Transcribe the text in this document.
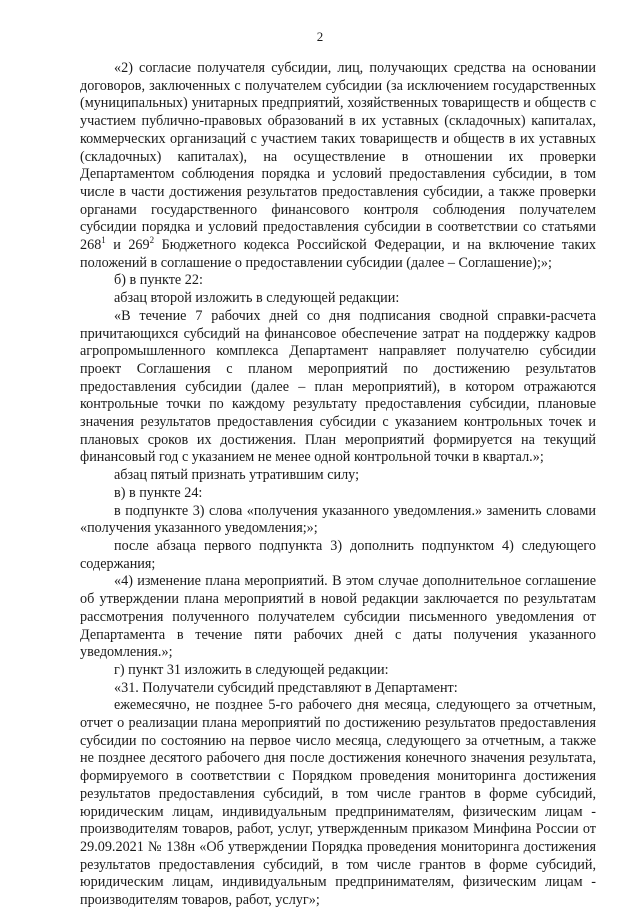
2

«2) согласие получателя субсидии, лиц, получающих средства на основании договоров, заключенных с получателем субсидии (за исключением государственных (муниципальных) унитарных предприятий, хозяйственных товариществ и обществ с участием публично-правовых образований в их уставных (складочных) капиталах, коммерческих организаций с участием таких товариществ и обществ в их уставных (складочных) капиталах), на осуществление в отношении их проверки Департаментом соблюдения порядка и условий предоставления субсидии, в том числе в части достижения результатов предоставления субсидии, а также проверки органами государственного финансового контроля соблюдения получателем субсидии порядка и условий предоставления субсидии в соответствии со статьями $268^1$ и $269^2$ Бюджетного кодекса Российской Федерации, и на включение таких положений в соглашение о предоставлении субсидии (далее – Соглашение);»;

б) в пункте 22:

абзац второй изложить в следующей редакции:

«В течение 7 рабочих дней со дня подписания сводной справки-расчета причитающихся субсидий на финансовое обеспечение затрат на поддержку кадров агропромышленного комплекса Департамент направляет получателю субсидии проект Соглашения с планом мероприятий по достижению результатов предоставления субсидии (далее – план мероприятий), в котором отражаются контрольные точки по каждому результату предоставления субсидии, плановые значения результатов предоставления субсидии с указанием контрольных точек и плановых сроков их достижения. План мероприятий формируется на текущий финансовый год с указанием не менее одной контрольной точки в квартал.»;

абзац пятый признать утратившим силу;

в) в пункте 24:

в подпункте 3) слова «получения указанного уведомления.» заменить словами «получения указанного уведомления;»;

после абзаца первого подпункта 3) дополнить подпунктом 4) следующего содержания;

«4) изменение плана мероприятий. В этом случае дополнительное соглашение об утверждении плана мероприятий в новой редакции заключается по результатам рассмотрения полученного получателем субсидии письменного уведомления от Департамента в течение пяти рабочих дней с даты получения указанного уведомления.»;

г) пункт 31 изложить в следующей редакции:

«31. Получатели субсидий представляют в Департамент:

ежемесячно, не позднее 5-го рабочего дня месяца, следующего за отчетным, отчет о реализации плана мероприятий по достижению результатов предоставления субсидии по состоянию на первое число месяца, следующего за отчетным, а также не позднее десятого рабочего дня после достижения конечного значения результата, формируемого в соответствии с Порядком проведения мониторинга достижения результатов предоставления субсидий, в том числе грантов в форме субсидий, юридическим лицам, индивидуальным предпринимателям, физическим лицам - производителям товаров, работ, услуг, утвержденным приказом Минфина России от 29.09.2021 № 138н «Об утверждении Порядка проведения мониторинга достижения результатов предоставления субсидий, в том числе грантов в форме субсидий, юридическим лицам, индивидуальным предпринимателям, физическим лицам - производителям товаров, работ, услуг»;
